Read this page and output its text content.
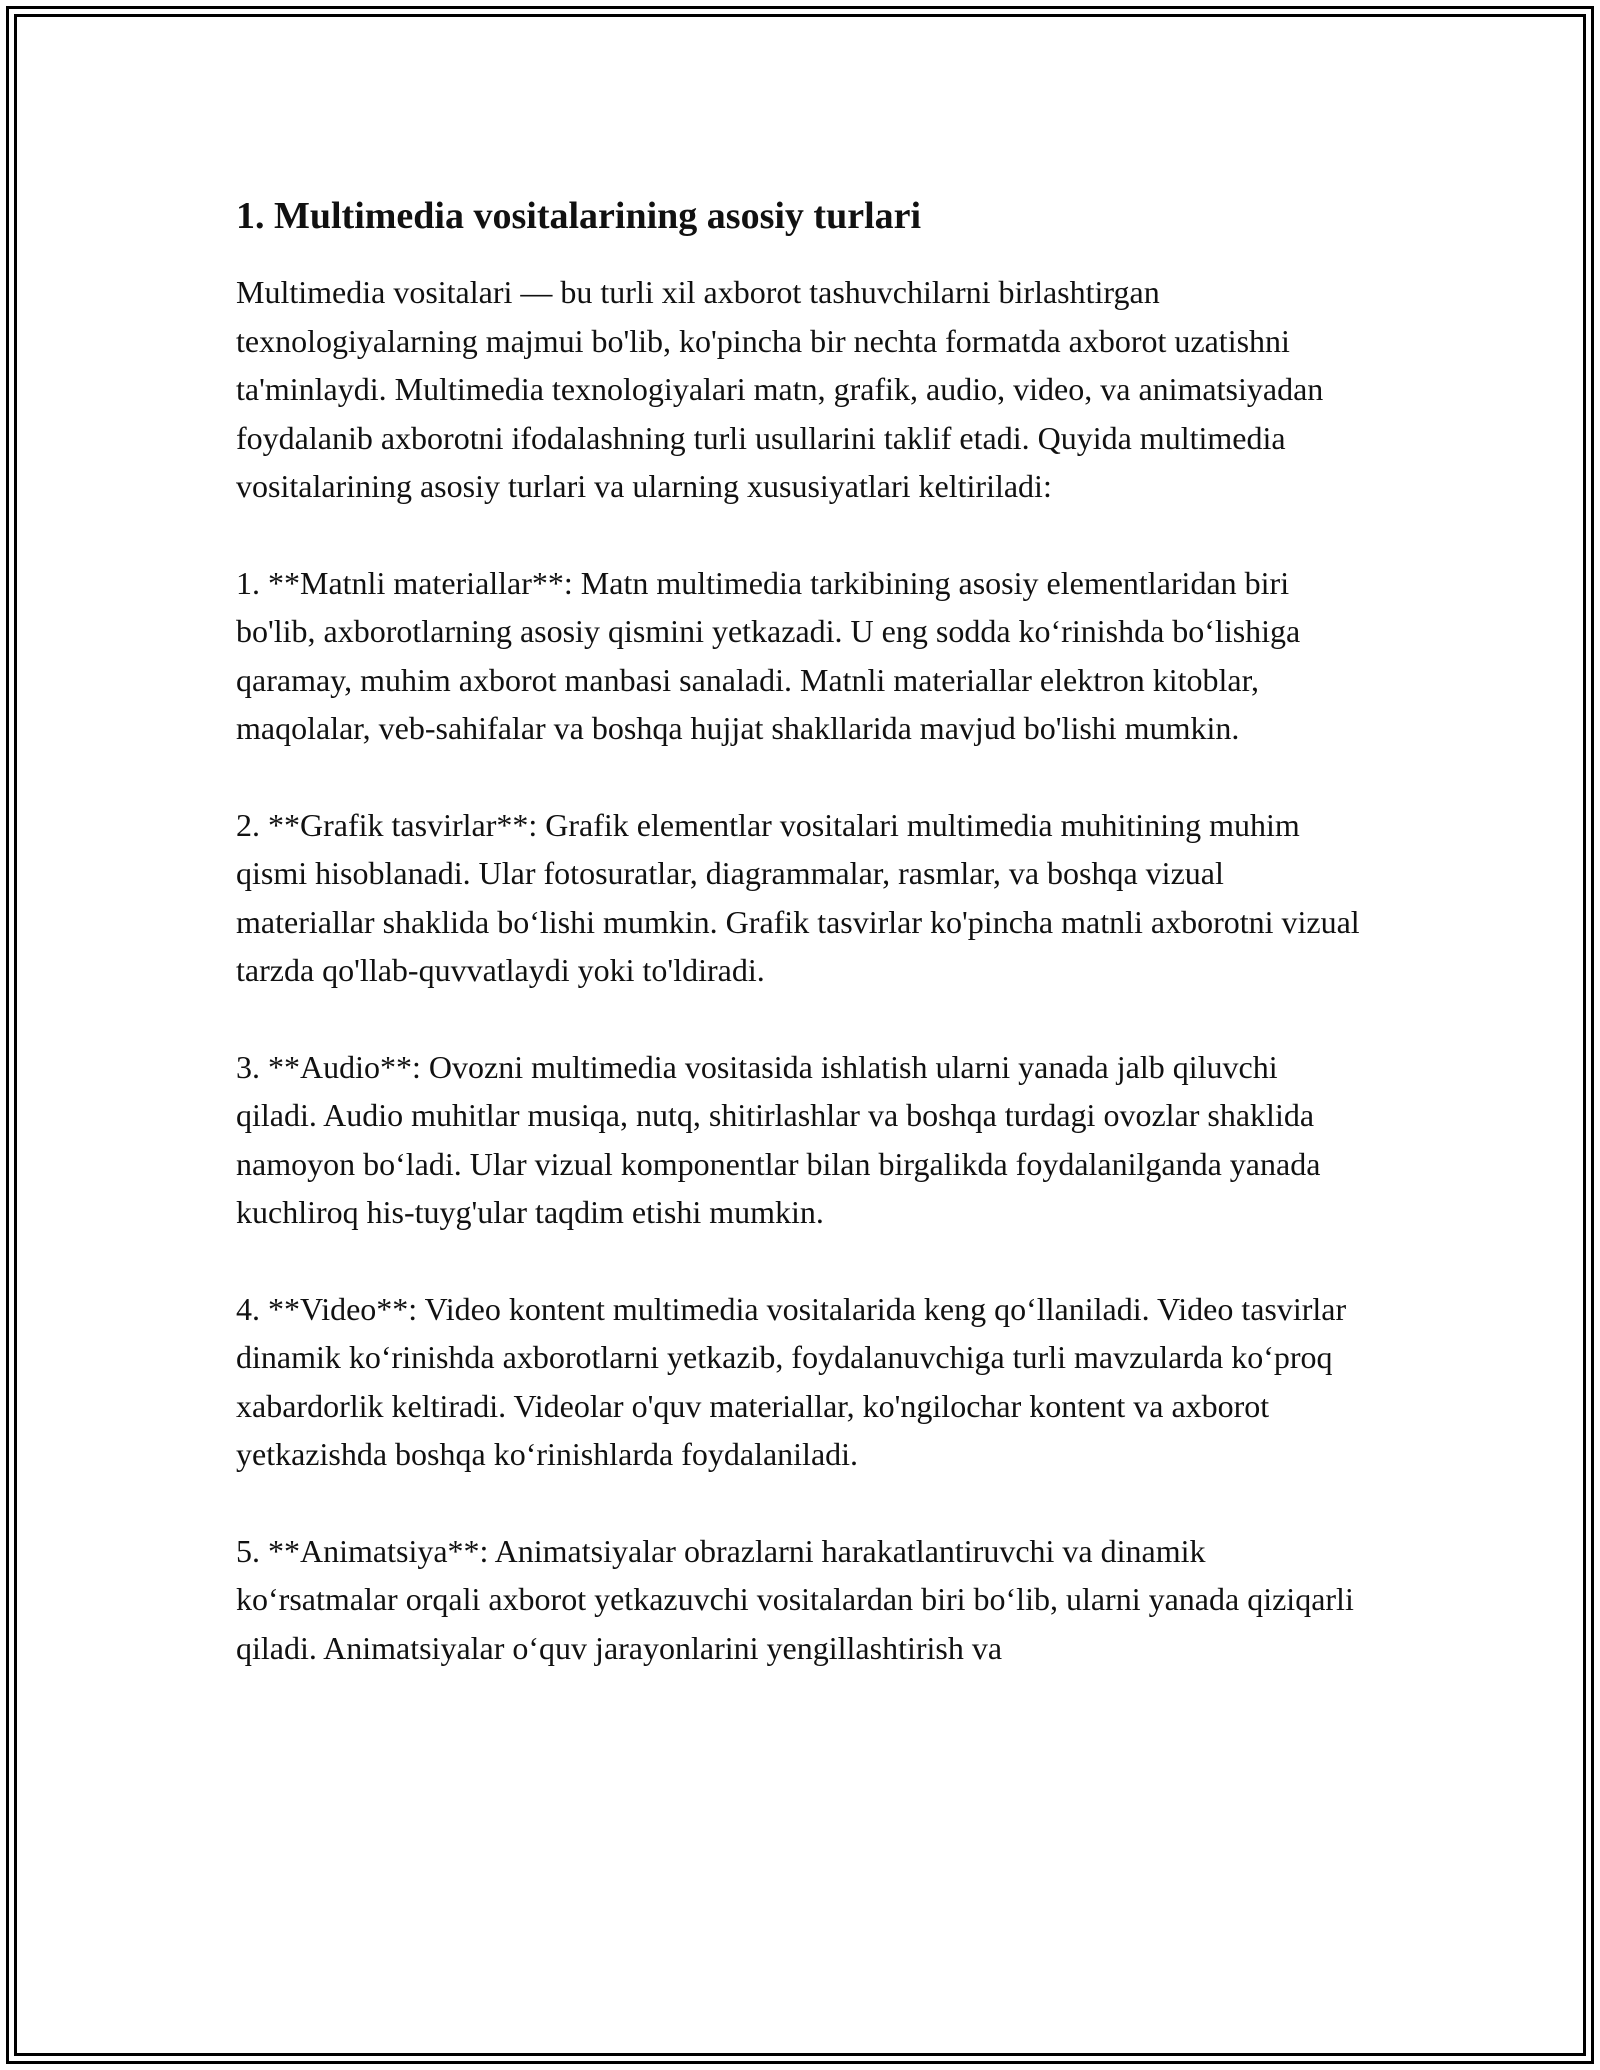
1. Multimedia vositalarining asosiy turlari

Multimedia vositalari — bu turli xil axborot tashuvchilarni birlashtirgan texnologiyalarning majmui bo'lib, ko'pincha bir nechta formatda axborot uzatishni ta'minlaydi. Multimedia texnologiyalari matn, grafik, audio, video, va animatsiyadan foydalanib axborotni ifodalashning turli usullarini taklif etadi. Quyida multimedia vositalarining asosiy turlari va ularning xususiyatlari keltiriladi:

1. **Matnli materiallar**: Matn multimedia tarkibining asosiy elementlaridan biri bo'lib, axborotlarning asosiy qismini yetkazadi. U eng sodda koʻrinishda boʻlishiga qaramay, muhim axborot manbasi sanaladi. Matnli materiallar elektron kitoblar, maqolalar, veb-sahifalar va boshqa hujjat shakllarida mavjud bo'lishi mumkin.

2. **Grafik tasvirlar**: Grafik elementlar vositalari multimedia muhitining muhim qismi hisoblanadi. Ular fotosuratlar, diagrammalar, rasmlar, va boshqa vizual materiallar shaklida boʻlishi mumkin. Grafik tasvirlar ko'pincha matnli axborotni vizual tarzda qo'llab-quvvatlaydi yoki to'ldiradi.

3. **Audio**: Ovozni multimedia vositasida ishlatish ularni yanada jalb qiluvchi qiladi. Audio muhitlar musiqa, nutq, shitirlashlar va boshqa turdagi ovozlar shaklida namoyon boʻladi. Ular vizual komponentlar bilan birgalikda foydalanilganda yanada kuchliroq his-tuyg'ular taqdim etishi mumkin.

4. **Video**: Video kontent multimedia vositalarida keng qoʻllaniladi. Video tasvirlar dinamik koʻrinishda axborotlarni yetkazib, foydalanuvchiga turli mavzularda koʻproq xabardorlik keltiradi. Videolar o'quv materiallar, ko'ngilochar kontent va axborot yetkazishda boshqa koʻrinishlarda foydalaniladi.

5. **Animatsiya**: Animatsiyalar obrazlarni harakatlantiruvchi va dinamik koʻrsatmalar orqali axborot yetkazuvchi vositalardan biri boʻlib, ularni yanada qiziqarli qiladi. Animatsiyalar oʻquv jarayonlarini yengillashtirish va
